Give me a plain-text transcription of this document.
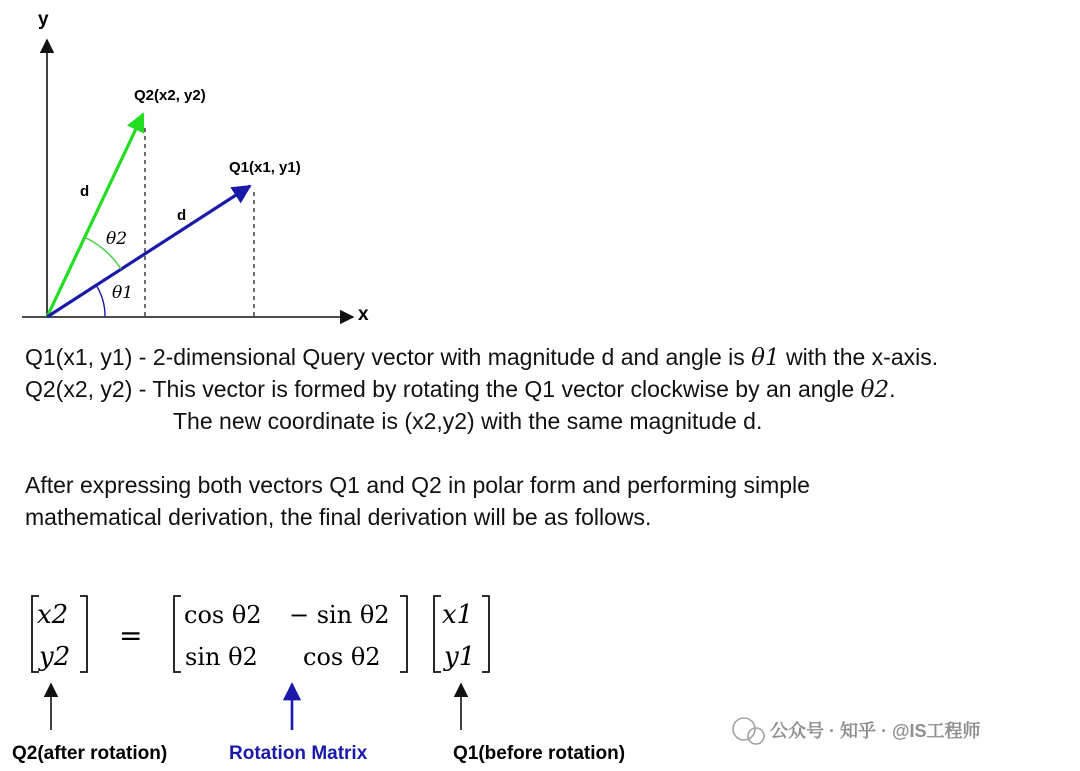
y
x
Q2(x2, y2)
Q1(x1, y1)
d
d
θ2
θ1
x2
y2
=
cos θ2 − sin θ2
sin θ2 cos θ2
x1
y1
Q2(after rotation)	Rotation Matrix	Q1(before rotation)
公众号 · 知乎 · @IS工程师
Q1(x1, y1) - 2-dimensional Query vector with magnitude d and angle is θ1 with the x-axis.
Q2(x2, y2) - This vector is formed by rotating the Q1 vector clockwise by an angle θ2.
The new coordinate is (x2,y2) with the same magnitude d.
After expressing both vectors Q1 and Q2 in polar form and performing simple
mathematical derivation, the final derivation will be as follows.
